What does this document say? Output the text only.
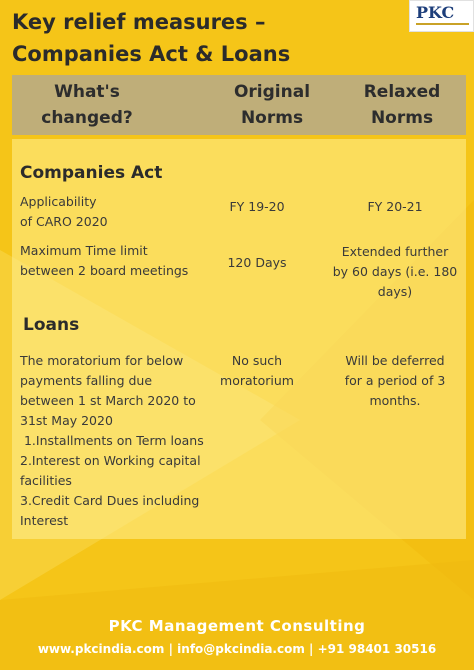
Key relief measures –
Companies Act & Loans
PKC
What's
changed?
Original
Norms
Relaxed
Norms
Companies Act
Applicability
of CARO 2020
FY 19-20	FY 20-21
Maximum Time limit
between 2 board meetings
120 Days
Extended further
by 60 days (i.e. 180
days)
Loans
The moratorium for below
payments falling due
between 1 st March 2020 to
31st May 2020
1.Installments on Term loans
2.Interest on Working capital
facilities
3.Credit Card Dues including
Interest
No such
moratorium
Will be deferred
for a period of 3
months.
PKC Management Consulting
www.pkcindia.com | info@pkcindia.com | +91 98401 30516
